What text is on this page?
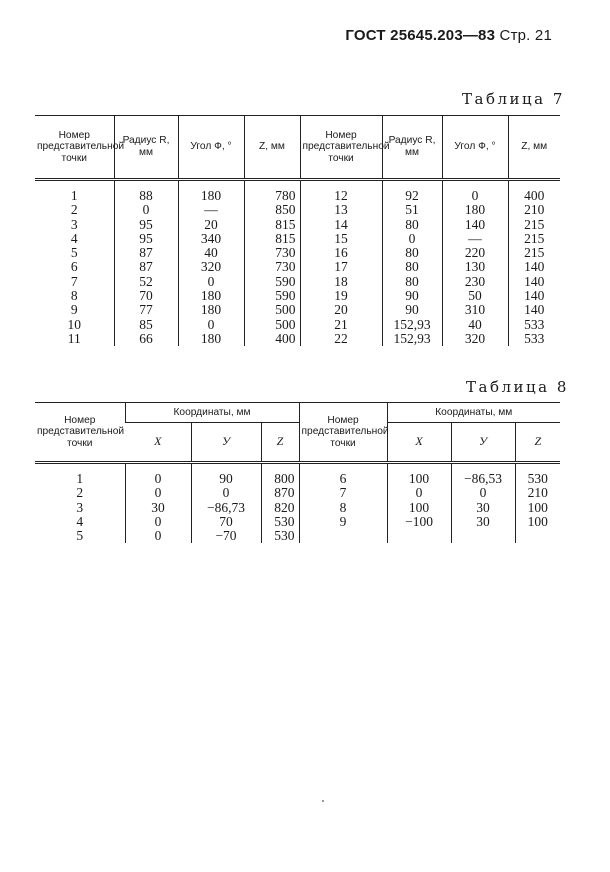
ГОСТ 25645.203—83 Стр. 21
Таблица 7
Номер представительной точки	Радиус R, мм	Угол Ф, °	Z, мм	Номер представительной точки	Радиус R, мм	Угол Ф, °	Z, мм
1	88	180	780	12	92	0	400
2	0	—	850	13	51	180	210
3	95	20	815	14	80	140	215
4	95	340	815	15	0	—	215
5	87	40	730	16	80	220	215
6	87	320	730	17	80	130	140
7	52	0	590	18	80	230	140
8	70	180	590	19	90	50	140
9	77	180	500	20	90	310	140
10	85	0	500	21	152,93	40	533
11	66	180	400	22	152,93	320	533
Таблица 8
Номер представительной точки	Координаты, мм			Номер представительной точки	Координаты, мм		
	X	У	Z		X	У	Z
1	0	90	800	6	100	−86,53	530
2	0	0	870	7	0	0	210
3	30	−86,73	820	8	100	30	100
4	0	70	530	9	−100	30	100
5	0	−70	530				
